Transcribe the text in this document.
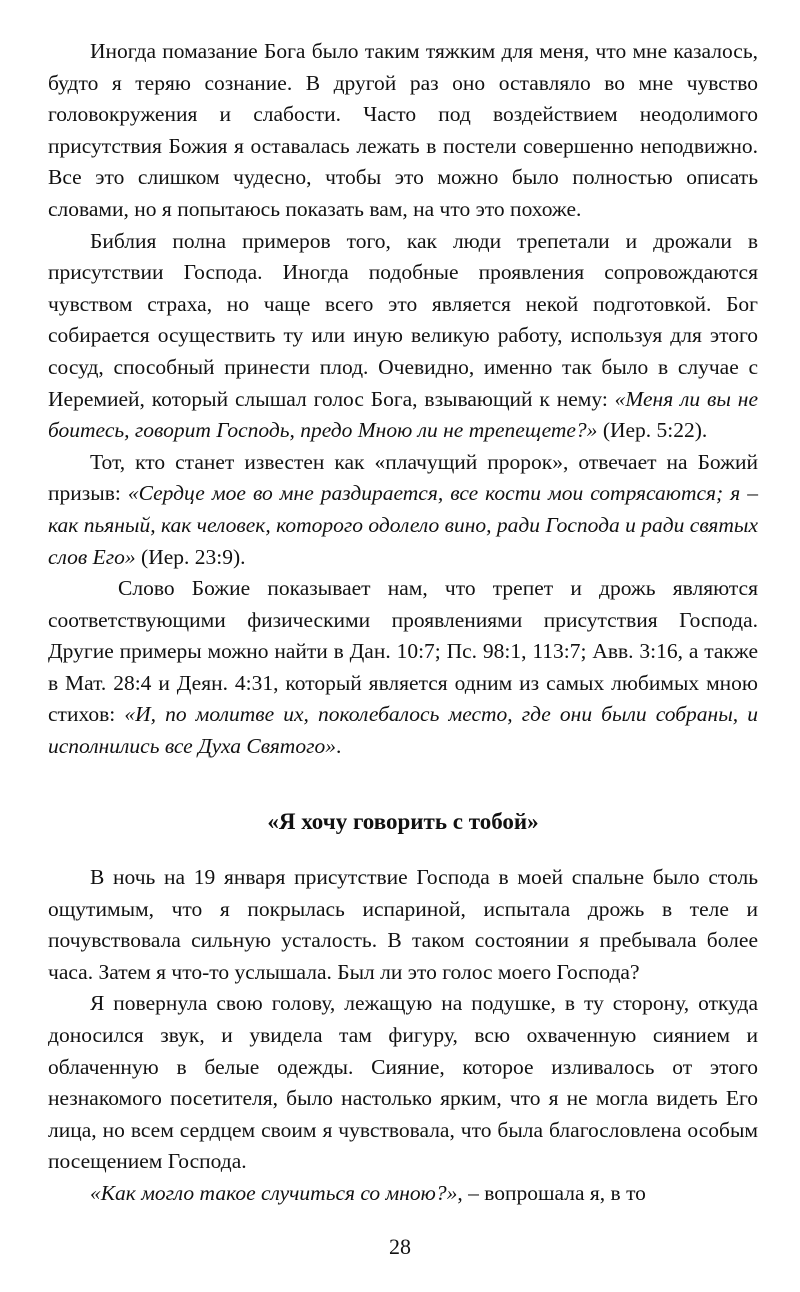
Иногда помазание Бога было таким тяжким для меня, что мне казалось, будто я теряю сознание. В другой раз оно оставляло во мне чувство головокружения и слабости. Часто под воздействием неодолимого присутствия Божия я оставалась лежать в постели совершенно неподвижно. Все это слишком чудесно, чтобы это можно было полностью описать словами, но я попытаюсь показать вам, на что это похоже.

Библия полна примеров того, как люди трепетали и дрожали в присутствии Господа. Иногда подобные проявления сопровождаются чувством страха, но чаще всего это является некой подготовкой. Бог собирается осуществить ту или иную великую работу, используя для этого сосуд, способный принести плод. Очевидно, именно так было в случае с Иеремией, который слышал голос Бога, взывающий к нему: «Меня ли вы не боитесь, говорит Господь, предо Мною ли не трепещете?» (Иер. 5:22).

Тот, кто станет известен как «плачущий пророк», отвечает на Божий призыв: «Сердце мое во мне раздирается, все кости мои сотрясаются; я – как пьяный, как человек, которого одолело вино, ради Господа и ради святых слов Его» (Иер. 23:9).

Слово Божие показывает нам, что трепет и дрожь являются соответствующими физическими проявлениями присутствия Господа. Другие примеры можно найти в Дан. 10:7; Пс. 98:1, 113:7; Авв. 3:16, а также в Мат. 28:4 и Деян. 4:31, который является одним из самых любимых мною стихов: «И, по молитве их, поколебалось место, где они были собраны, и исполнились все Духа Святого».

«Я хочу говорить с тобой»

В ночь на 19 января присутствие Господа в моей спальне было столь ощутимым, что я покрылась испариной, испытала дрожь в теле и почувствовала сильную усталость. В таком состоянии я пребывала более часа. Затем я что-то услышала. Был ли это голос моего Господа?

Я повернула свою голову, лежащую на подушке, в ту сторону, откуда доносился звук, и увидела там фигуру, всю охваченную сиянием и облаченную в белые одежды. Сияние, которое изливалось от этого незнакомого посетителя, было настолько ярким, что я не могла видеть Его лица, но всем сердцем своим я чувствовала, что была благословлена особым посещением Господа.

«Как могло такое случиться со мною?», – вопрошала я, в то

28
